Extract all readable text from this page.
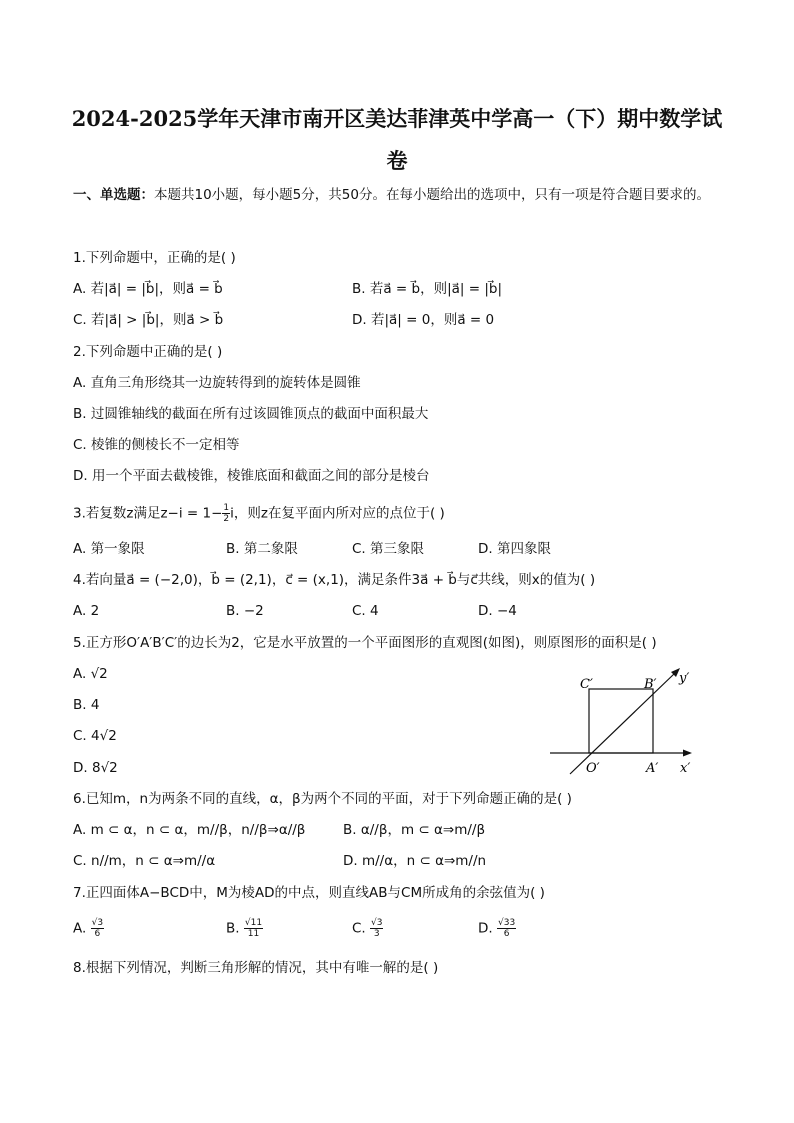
2024-2025学年天津市南开区美达菲津英中学高一（下）期中数学试
卷
一、单选题：本题共10小题，每小题5分，共50分。在每小题给出的选项中，只有一项是符合题目要求的。
1.下列命题中，正确的是( )
A. 若|a⃗| = |b⃗|，则a⃗ = b⃗	B. 若a⃗ = b⃗，则|a⃗| = |b⃗|
C. 若|a⃗| > |b⃗|，则a⃗ > b⃗	D. 若|a⃗| = 0，则a⃗ = 0
2.下列命题中正确的是( )
A. 直角三角形绕其一边旋转得到的旋转体是圆锥
B. 过圆锥轴线的截面在所有过该圆锥顶点的截面中面积最大
C. 棱锥的侧棱长不一定相等
D. 用一个平面去截棱锥，棱锥底面和截面之间的部分是棱台
3.若复数z满足$z-i = 1- \frac{1}{2}$ i，则z在复平面内所对应的点位于( )
A. 第一象限	B. 第二象限	C. 第三象限	D. 第四象限
4.若向量a⃗ = (−2,0)，b⃗ = (2,1)，c⃗ = (x,1)，满足条件3a⃗ + b⃗与c⃗共线，则x的值为( )
A. 2	B. −2	C. 4	D. −4
5.正方形O′A′B′C′的边长为2，它是水平放置的一个平面图形的直观图(如图)，则原图形的面积是( )
A. √2
B. 4
C. 4√2
D. 8√2
C′	B′ y′
O′	A′ x′
6.已知m，n为两条不同的直线，α，β为两个不同的平面，对于下列命题正确的是( )
A. m ⊂ α，n ⊂ α，m//β，n//β⇒α//β	B. α//β，m ⊂ α⇒m//β
C. n//m，n ⊂ α⇒m//α	D. m//α，n ⊂ α⇒m//n
7.正四面体A−BCD中，M为棱AD的中点，则直线AB与CM所成角的余弦值为( )
A. $\frac{√3}{6}$	B. $\frac{√11}{11}$	C. $\frac{√3}{3}$	D. $\frac{√33}{6}$
8.根据下列情况，判断三角形解的情况，其中有唯一解的是( )
